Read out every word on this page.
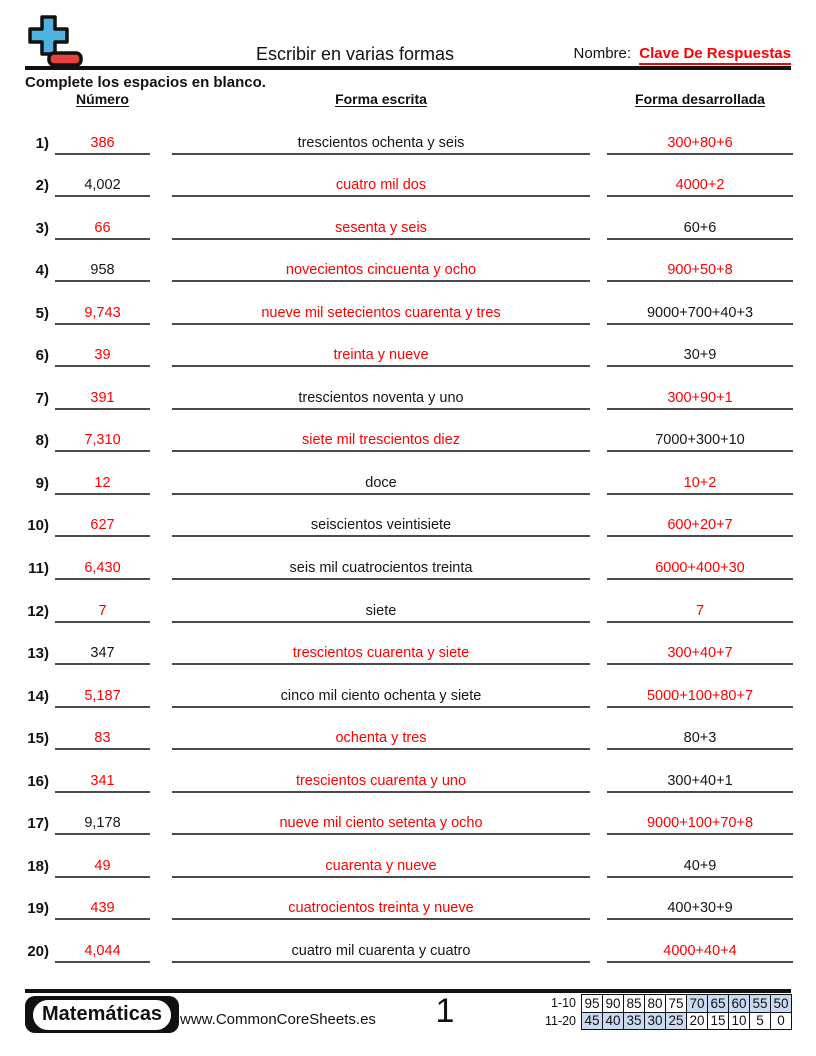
Escribir en varias formas	Nombre: Clave De Respuestas
Complete los espacios en blanco.
Número	Forma escrita	Forma desarrollada
1)	386	trescientos ochenta y seis	300+80+6
2) 4,002	cuatro mil dos	4000+2
3)	66	sesenta y seis	60+6
4)	958	novecientos cincuenta y ocho	900+50+8
5) 9,743	nueve mil setecientos cuarenta y tres	9000+700+40+3
6)	39	treinta y nueve	30+9
7)	391	trescientos noventa y uno	300+90+1
8) 7,310	siete mil trescientos diez	7000+300+10
9)	12	doce	10+2
10)	627	seiscientos veintisiete	600+20+7
11) 6,430	seis mil cuatrocientos treinta	6000+400+30
12)	7	siete	7
13)	347	trescientos cuarenta y siete	300+40+7
14) 5,187	cinco mil ciento ochenta y siete	5000+100+80+7
15)	83	ochenta y tres	80+3
16)	341	trescientos cuarenta y uno	300+40+1
17) 9,178	nueve mil ciento setenta y ocho	9000+100+70+8
18)	49	cuarenta y nueve	40+9
19)	439	cuatrocientos treinta y nueve	400+30+9
20) 4,044	cuatro mil cuarenta y cuatro	4000+40+4
Matemáticas	www.CommonCoreSheets.es	1	1-10 95 90 85 80 75 70 65 60 55 50
11-20 45 40 35 30 25 20 15 10 5 0
